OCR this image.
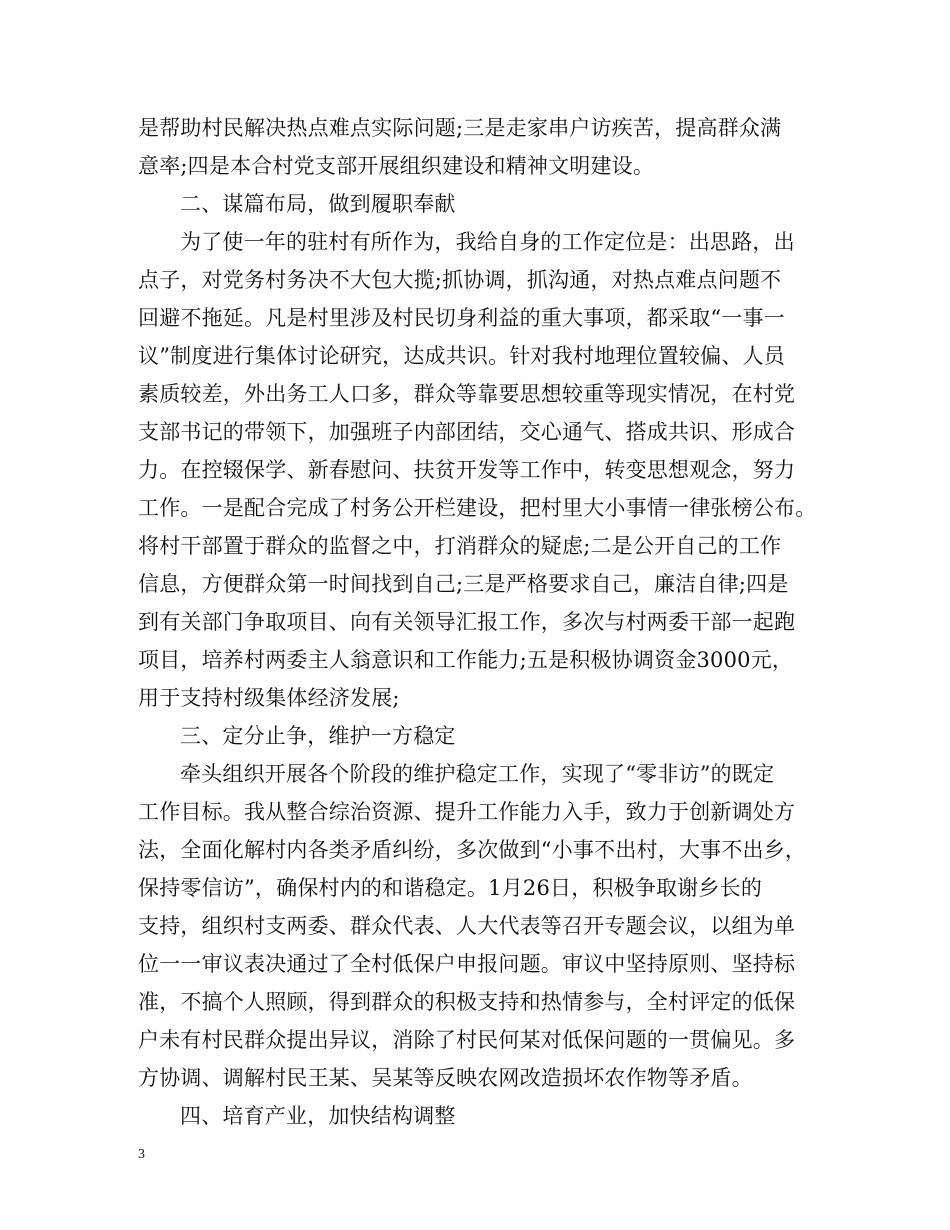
是帮助村民解决热点难点实际问题;三是走家串户访疾苦，提高群众满
意率;四是本合村党支部开展组织建设和精神文明建设。
二、谋篇布局，做到履职奉献
为了使一年的驻村有所作为，我给自身的工作定位是：出思路，出
点子，对党务村务决不大包大揽;抓协调，抓沟通，对热点难点问题不
回避不拖延。凡是村里涉及村民切身利益的重大事项，都采取“一事一
议”制度进行集体讨论研究，达成共识。针对我村地理位置较偏、人员
素质较差，外出务工人口多，群众等靠要思想较重等现实情况，在村党
支部书记的带领下，加强班子内部团结，交心通气、搭成共识、形成合
力。在控辍保学、新春慰问、扶贫开发等工作中，转变思想观念，努力
工作。一是配合完成了村务公开栏建设，把村里大小事情一律张榜公布。
将村干部置于群众的监督之中，打消群众的疑虑;二是公开自己的工作
信息，方便群众第一时间找到自己;三是严格要求自己，廉洁自律;四是
到有关部门争取项目、向有关领导汇报工作，多次与村两委干部一起跑
项目，培养村两委主人翁意识和工作能力;五是积极协调资金3000元，
用于支持村级集体经济发展;
三、定分止争，维护一方稳定
牵头组织开展各个阶段的维护稳定工作，实现了“零非访”的既定
工作目标。我从整合综治资源、提升工作能力入手，致力于创新调处方
法，全面化解村内各类矛盾纠纷，多次做到“小事不出村，大事不出乡，
保持零信访”，确保村内的和谐稳定。1月26日，积极争取谢乡长的
支持，组织村支两委、群众代表、人大代表等召开专题会议，以组为单
位一一审议表决通过了全村低保户申报问题。审议中坚持原则、坚持标
准，不搞个人照顾，得到群众的积极支持和热情参与，全村评定的低保
户未有村民群众提出异议，消除了村民何某对低保问题的一贯偏见。多
方协调、调解村民王某、吴某等反映农网改造损坏农作物等矛盾。
四、培育产业，加快结构调整
3
